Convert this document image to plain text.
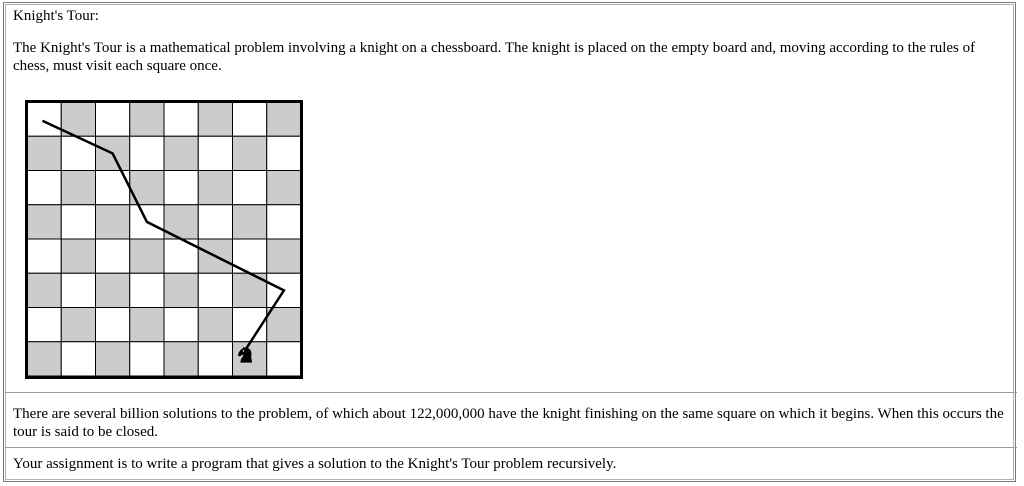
Knight's Tour:

The Knight's Tour is a mathematical problem involving a knight on a chessboard. The knight is placed on the empty board and, moving according to the rules of chess, must visit each square once.

There are several billion solutions to the problem, of which about 122,000,000 have the knight finishing on the same square on which it begins. When this occurs the tour is said to be closed.

Your assignment is to write a program that gives a solution to the Knight's Tour problem recursively.
